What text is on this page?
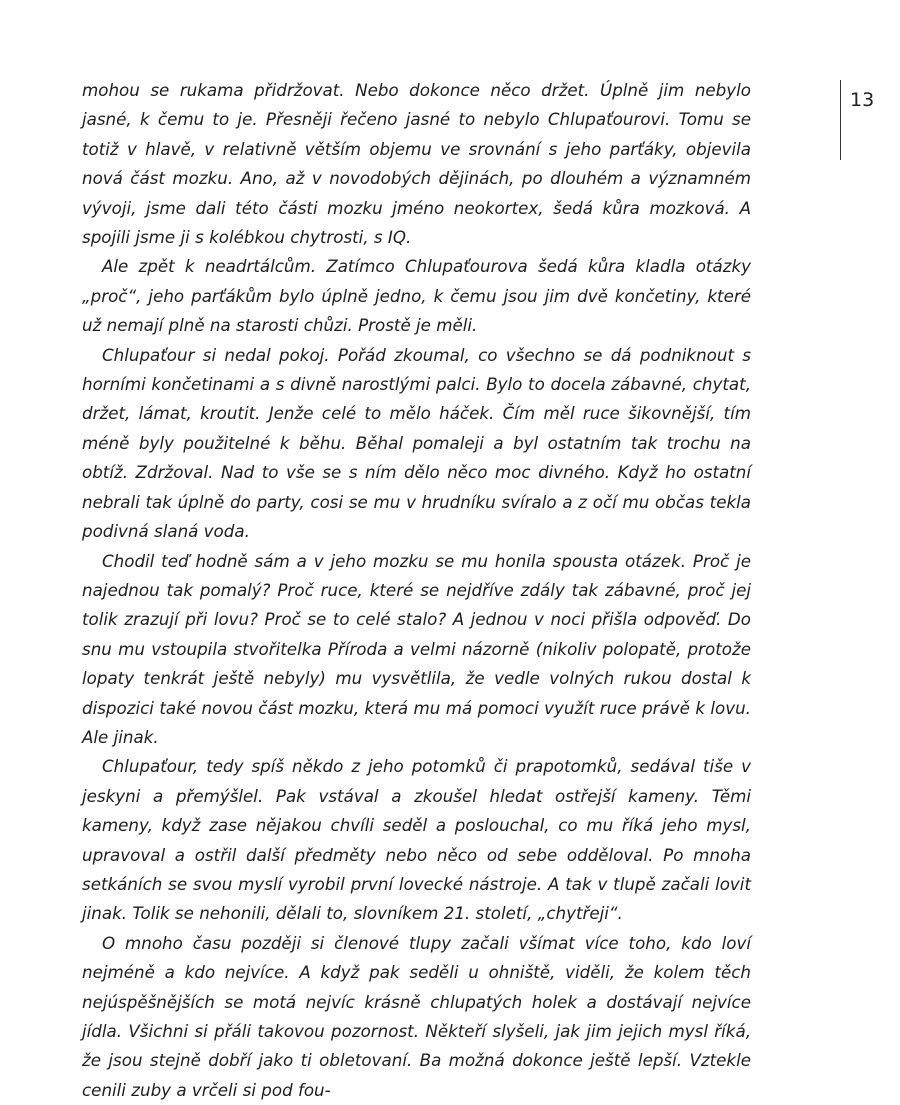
13

mohou se rukama přidržovat. Nebo dokonce něco držet. Úplně jim nebylo jasné, k čemu to je. Přesněji řečeno jasné to nebylo Chlupaťourovi. Tomu se totiž v hlavě, v relativně větším objemu ve srovnání s jeho parťáky, objevila nová část mozku. Ano, až v novodobých dějinách, po dlouhém a významném vývoji, jsme dali této části mozku jméno neokortex, šedá kůra mozková. A spojili jsme ji s kolébkou chytrosti, s IQ.

Ale zpět k neadrtálcům. Zatímco Chlupaťourova šedá kůra kladla otázky „proč“, jeho parťákům bylo úplně jedno, k čemu jsou jim dvě končetiny, které už nemají plně na starosti chůzi. Prostě je měli.

Chlupaťour si nedal pokoj. Pořád zkoumal, co všechno se dá podniknout s horními končetinami a s divně narostlými palci. Bylo to docela zábavné, chytat, držet, lámat, kroutit. Jenže celé to mělo háček. Čím měl ruce šikovnější, tím méně byly použitelné k běhu. Běhal pomaleji a byl ostatním tak trochu na obtíž. Zdržoval. Nad to vše se s ním dělo něco moc divného. Když ho ostatní nebrali tak úplně do party, cosi se mu v hrudníku svíralo a z očí mu občas tekla podivná slaná voda.

Chodil teď hodně sám a v jeho mozku se mu honila spousta otázek. Proč je najednou tak pomalý? Proč ruce, které se nejdříve zdály tak zábavné, proč jej tolik zrazují při lovu? Proč se to celé stalo? A jednou v noci přišla odpověď. Do snu mu vstoupila stvořitelka Příroda a velmi názorně (nikoliv polopatě, protože lopaty tenkrát ještě nebyly) mu vysvětlila, že vedle volných rukou dostal k dispozici také novou část mozku, která mu má pomoci využít ruce právě k lovu. Ale jinak.

Chlupaťour, tedy spíš někdo z jeho potomků či prapotomků, sedával tiše v jeskyni a přemýšlel. Pak vstával a zkoušel hledat ostřejší kameny. Těmi kameny, když zase nějakou chvíli seděl a poslouchal, co mu říká jeho mysl, upravoval a ostřil další předměty nebo něco od sebe odděloval. Po mnoha setkáních se svou myslí vyrobil první lovecké nástroje. A tak v tlupě začali lovit jinak. Tolik se nehonili, dělali to, slovníkem 21. století, „chytřeji“.

O mnoho času později si členové tlupy začali všímat více toho, kdo loví nejméně a kdo nejvíce. A když pak seděli u ohniště, viděli, že kolem těch nejúspěšnějších se motá nejvíc krásně chlupatých holek a dostávají nejvíce jídla. Všichni si přáli takovou pozornost. Někteří slyšeli, jak jim jejich mysl říká, že jsou stejně dobří jako ti obletovaní. Ba možná dokonce ještě lepší. Vztekle cenili zuby a vrčeli si pod fou-
